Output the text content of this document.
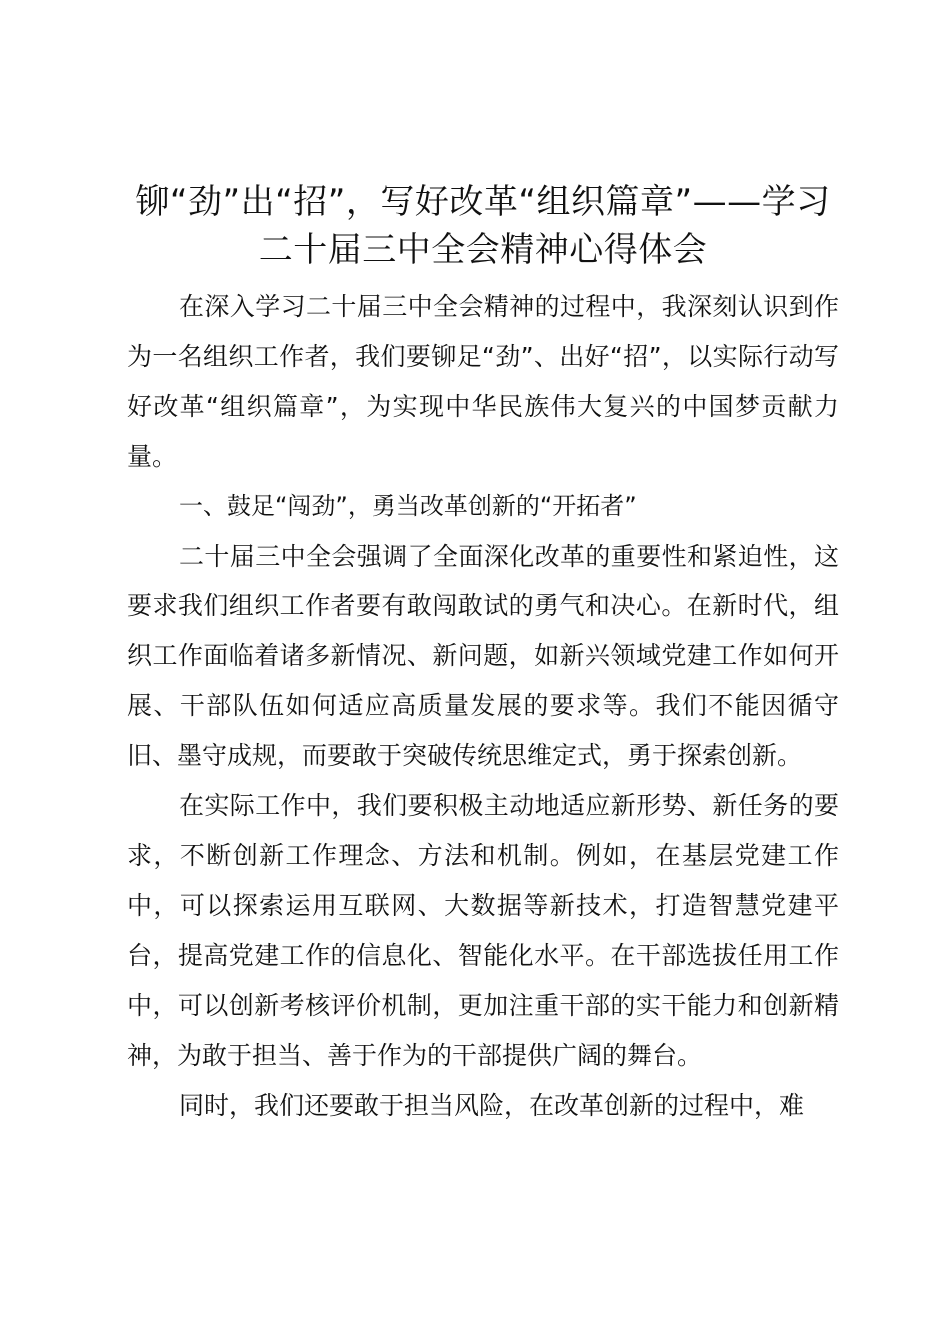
铆“劲”出“招”，写好改革“组织篇章”——学习二十届三中全会精神心得体会

在深入学习二十届三中全会精神的过程中，我深刻认识到作为一名组织工作者，我们要铆足“劲”、出好“招”，以实际行动写好改革“组织篇章”，为实现中华民族伟大复兴的中国梦贡献力量。

一、鼓足“闯劲”，勇当改革创新的“开拓者”

二十届三中全会强调了全面深化改革的重要性和紧迫性，这要求我们组织工作者要有敢闯敢试的勇气和决心。在新时代，组织工作面临着诸多新情况、新问题，如新兴领域党建工作如何开展、干部队伍如何适应高质量发展的要求等。我们不能因循守旧、墨守成规，而要敢于突破传统思维定式，勇于探索创新。

在实际工作中，我们要积极主动地适应新形势、新任务的要求，不断创新工作理念、方法和机制。例如，在基层党建工作中，可以探索运用互联网、大数据等新技术，打造智慧党建平台，提高党建工作的信息化、智能化水平。在干部选拔任用工作中，可以创新考核评价机制，更加注重干部的实干能力和创新精神，为敢于担当、善于作为的干部提供广阔的舞台。

同时，我们还要敢于担当风险，在改革创新的过程中，难
